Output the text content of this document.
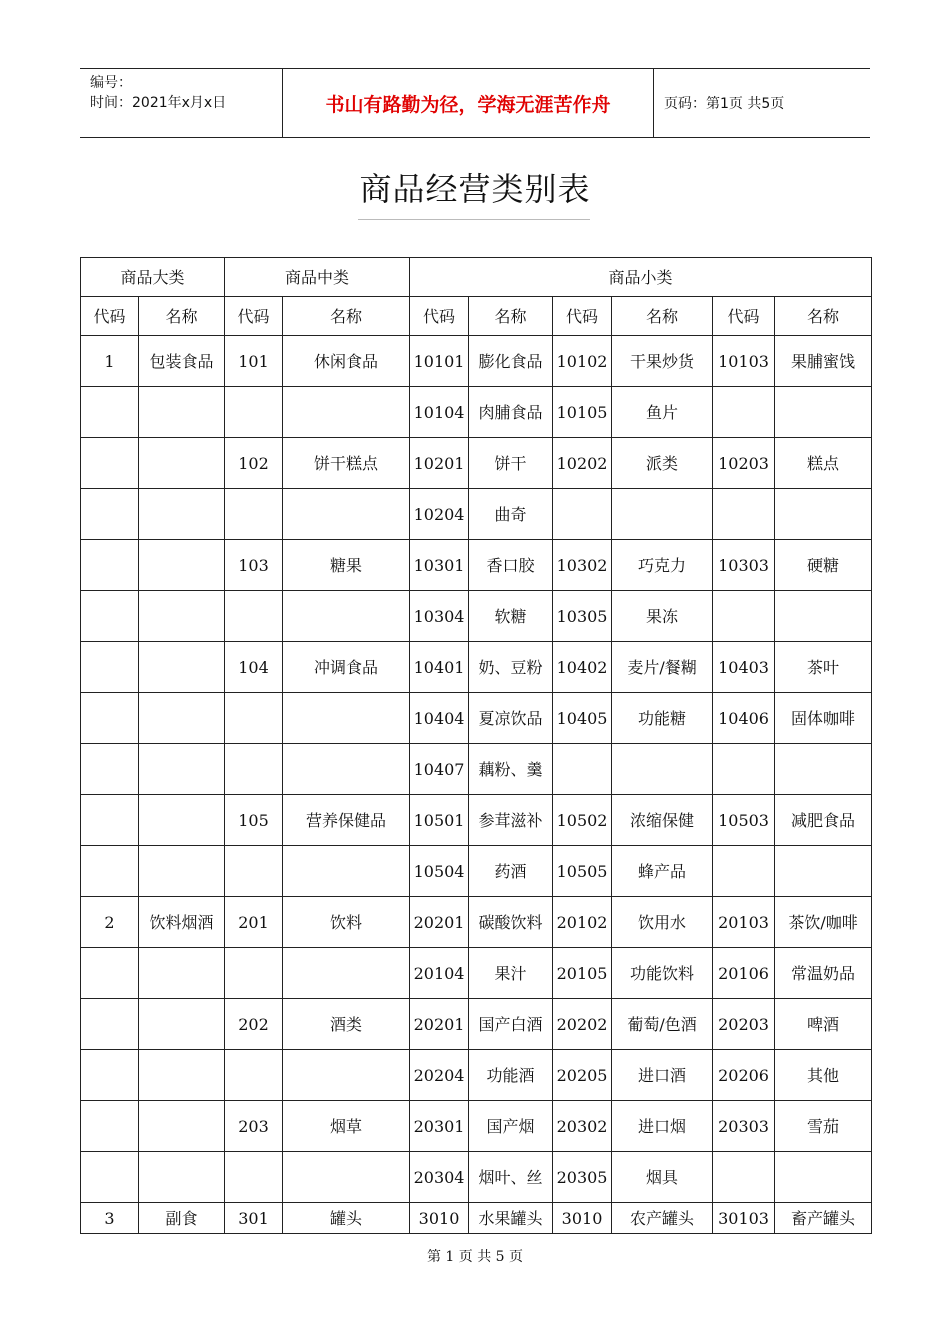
编号：
时间：2021年x月x日	书山有路勤为径，学海无涯苦作舟	页码：第1页 共5页
商品经营类别表
商品大类		商品中类		商品小类					
代码	名称	代码	名称	代码	名称	代码	名称	代码	名称
1	包装食品	101	休闲食品	10101	膨化食品	10102	干果炒货	10103	果脯蜜饯
				10104	肉脯食品	10105	鱼片		
		102	饼干糕点	10201	饼干	10202	派类	10203	糕点
				10204	曲奇				
		103	糖果	10301	香口胶	10302	巧克力	10303	硬糖
				10304	软糖	10305	果冻		
		104	冲调食品	10401	奶、豆粉	10402	麦片/餐糊	10403	茶叶
				10404	夏凉饮品	10405	功能糖	10406	固体咖啡
				10407	藕粉、羹				
		105	营养保健品	10501	参茸滋补	10502	浓缩保健	10503	减肥食品
				10504	药酒	10505	蜂产品		
2	饮料烟酒	201	饮料	20201	碳酸饮料	20102	饮用水	20103	茶饮/咖啡
				20104	果汁	20105	功能饮料	20106	常温奶品
		202	酒类	20201	国产白酒	20202	葡萄/色酒	20203	啤酒
				20204	功能酒	20205	进口酒	20206	其他
		203	烟草	20301	国产烟	20302	进口烟	20303	雪茄
				20304	烟叶、丝	20305	烟具		
3	副食	301	罐头	3010	水果罐头	3010	农产罐头	30103	畜产罐头
第 1 页 共 5 页
